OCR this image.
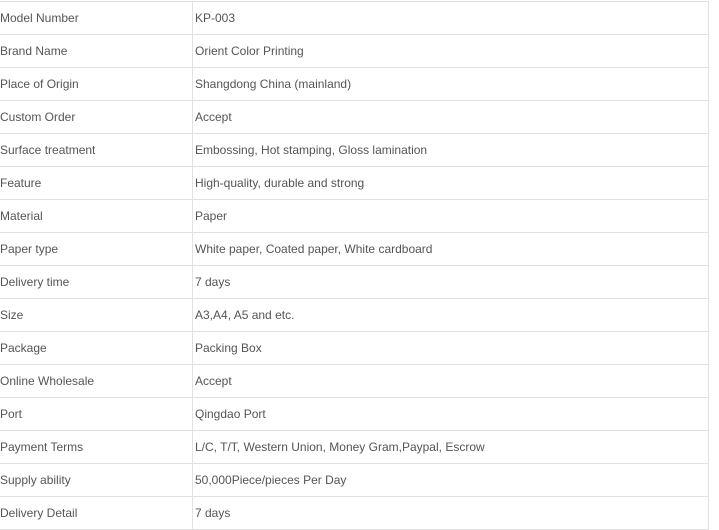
Model Number	KP-003
Brand Name	Orient Color Printing
Place of Origin	Shangdong China (mainland)
Custom Order	Accept
Surface treatment	Embossing, Hot stamping, Gloss lamination
Feature	High-quality, durable and strong
Material	Paper
Paper type	White paper, Coated paper, White cardboard
Delivery time	7 days
Size	A3,A4, A5 and etc.
Package	Packing Box
Online Wholesale	Accept
Port	Qingdao Port
Payment Terms	L/C, T/T, Western Union, Money Gram,Paypal, Escrow
Supply ability	50,000Piece/pieces Per Day
Delivery Detail	7 days
